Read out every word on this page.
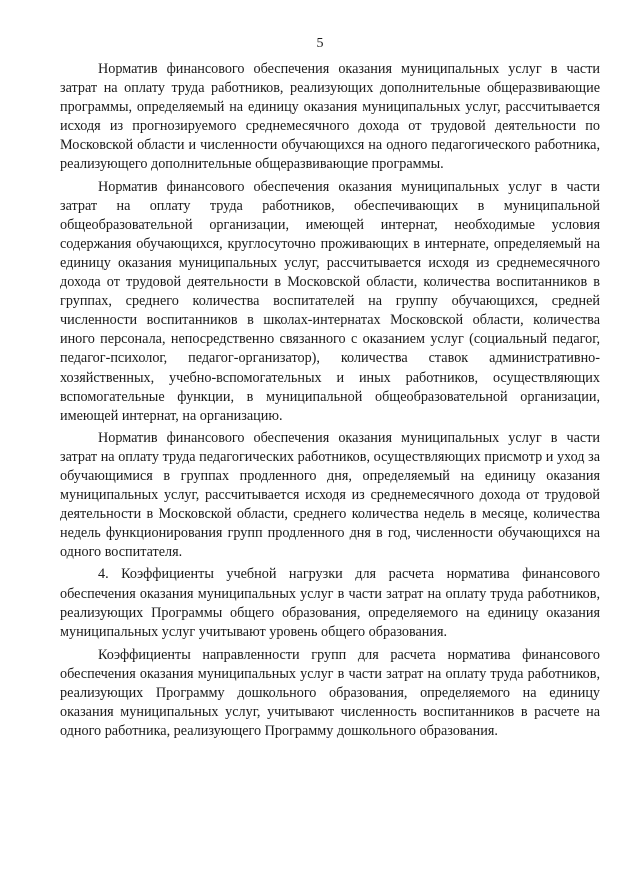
5

Норматив финансового обеспечения оказания муниципальных услуг в части затрат на оплату труда работников, реализующих дополнительные общеразвивающие программы, определяемый на единицу оказания муниципальных услуг, рассчитывается исходя из прогнозируемого среднемесячного дохода от трудовой деятельности по Московской области и численности обучающихся на одного педагогического работника, реализующего дополнительные общеразвивающие программы.

Норматив финансового обеспечения оказания муниципальных услуг в части затрат на оплату труда работников, обеспечивающих в муниципальной общеобразовательной организации, имеющей интернат, необходимые условия содержания обучающихся, круглосуточно проживающих в интернате, определяемый на единицу оказания муниципальных услуг, рассчитывается исходя из среднемесячного дохода от трудовой деятельности в Московской области, количества воспитанников в группах, среднего количества воспитателей на группу обучающихся, средней численности воспитанников в школах-интернатах Московской области, количества иного персонала, непосредственно связанного с оказанием услуг (социальный педагог, педагог-психолог, педагог-организатор), количества ставок административно-хозяйственных, учебно-вспомогательных и иных работников, осуществляющих вспомогательные функции, в муниципальной общеобразовательной организации, имеющей интернат, на организацию.

Норматив финансового обеспечения оказания муниципальных услуг в части затрат на оплату труда педагогических работников, осуществляющих присмотр и уход за обучающимися в группах продленного дня, определяемый на единицу оказания муниципальных услуг, рассчитывается исходя из среднемесячного дохода от трудовой деятельности в Московской области, среднего количества недель в месяце, количества недель функционирования групп продленного дня в год, численности обучающихся на одного воспитателя.

4. Коэффициенты учебной нагрузки для расчета норматива финансового обеспечения оказания муниципальных услуг в части затрат на оплату труда работников, реализующих Программы общего образования, определяемого на единицу оказания муниципальных услуг учитывают уровень общего образования.

Коэффициенты направленности групп для расчета норматива финансового обеспечения оказания муниципальных услуг в части затрат на оплату труда работников, реализующих Программу дошкольного образования, определяемого на единицу оказания муниципальных услуг, учитывают численность воспитанников в расчете на одного работника, реализующего Программу дошкольного образования.
